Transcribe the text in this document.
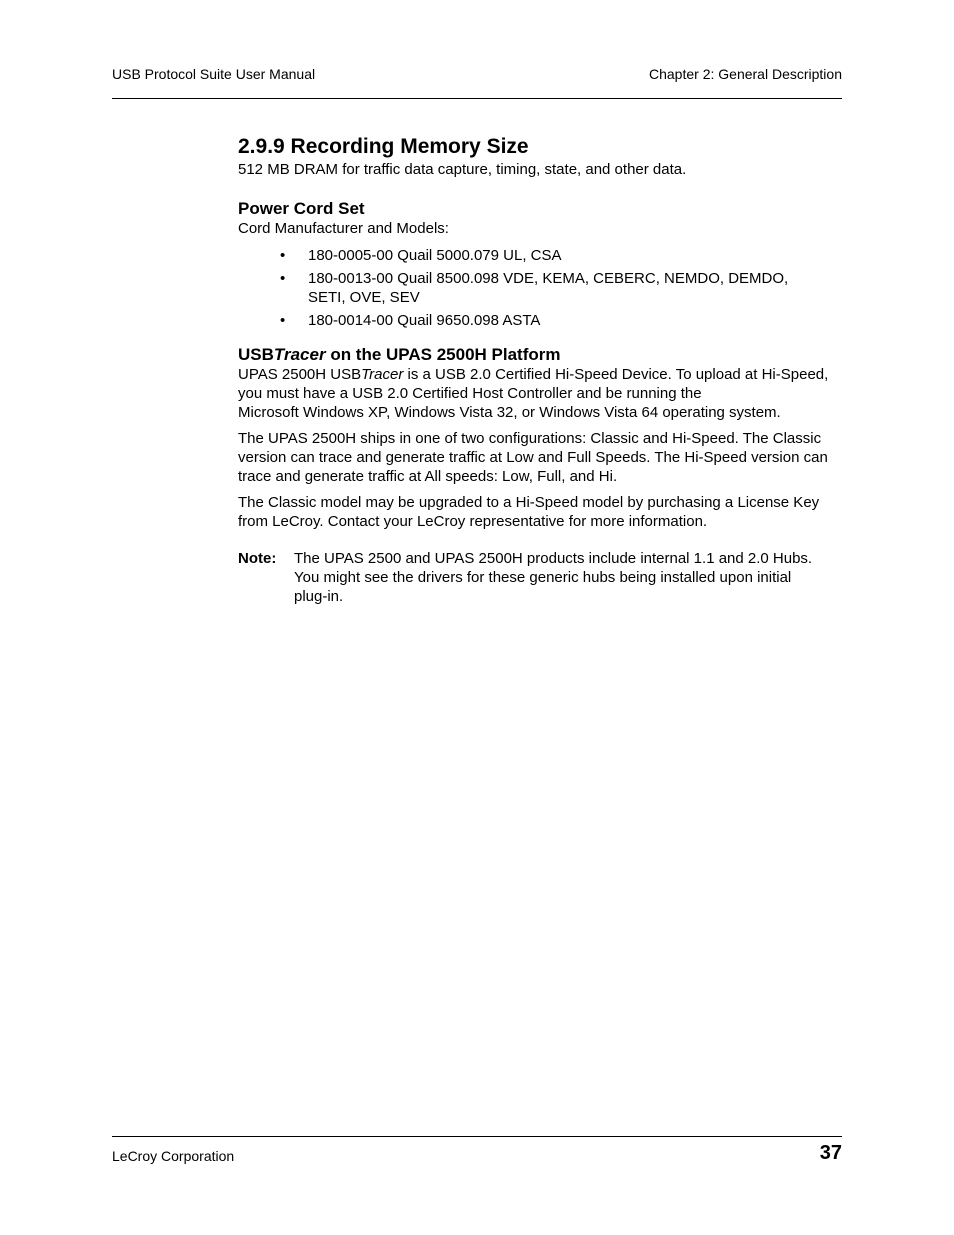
USB Protocol Suite User Manual	Chapter 2: General Description
2.9.9 Recording Memory Size

512 MB DRAM for traffic data capture, timing, state, and other data.

Power Cord Set

Cord Manufacturer and Models:

• 180-0005-00 Quail 5000.079 UL, CSA
• 180-0013-00 Quail 8500.098 VDE, KEMA, CEBERC, NEMDO, DEMDO, SETI, OVE, SEV
• 180-0014-00 Quail 9650.098 ASTA
USBTracer on the UPAS 2500H Platform

UPAS 2500H USBTracer is a USB 2.0 Certified Hi-Speed Device. To upload at Hi-Speed, you must have a USB 2.0 Certified Host Controller and be running the
Microsoft Windows XP, Windows Vista 32, or Windows Vista 64 operating system.

The UPAS 2500H ships in one of two configurations: Classic and Hi-Speed. The Classic version can trace and generate traffic at Low and Full Speeds. The Hi-Speed version can trace and generate traffic at All speeds: Low, Full, and Hi.

The Classic model may be upgraded to a Hi-Speed model by purchasing a License Key from LeCroy. Contact your LeCroy representative for more information.

Note:	The UPAS 2500 and UPAS 2500H products include internal 1.1 and 2.0 Hubs. You might see the drivers for these generic hubs being installed upon initial plug-in.
LeCroy Corporation	37
